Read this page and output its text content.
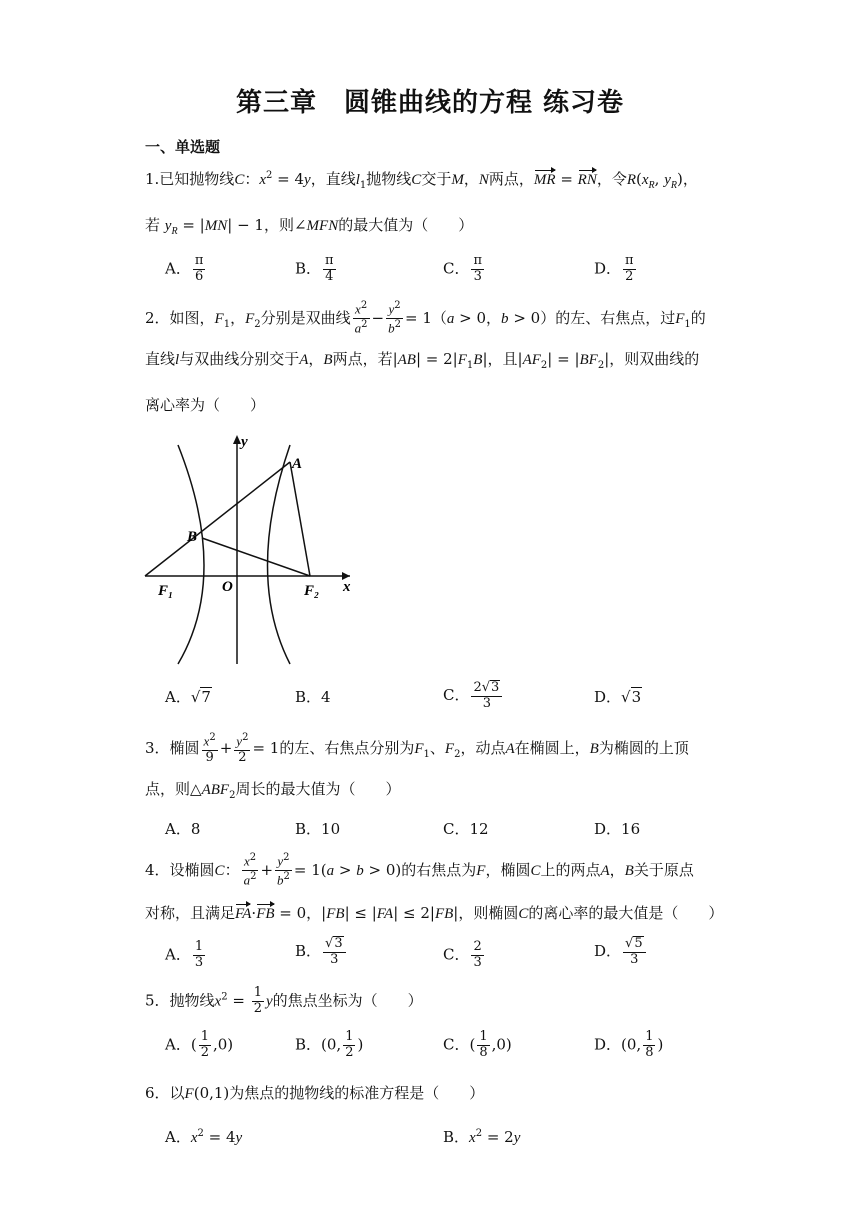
第三章　圆锥曲线的方程 练习卷
一、单选题
1.已知抛物线C：$x^2 = 4y$，直线$l_1$抛物线C交于M，N两点，MR = RN，令$R(x_R$, $y_R$)，
若 $y_R = |MN| - 1$，则∠MFN的最大值为（　　）
A． $\frac{\pi}{6}$	B． $\frac{\pi}{4}$	C． $\frac{\pi}{3}$	D． $\frac{\pi}{2}$
2．如图，$F_1$，$F_2$分别是双曲线 $\frac{x^2}{a^2} - \frac{y^2}{b^2} = 1(a > 0$，b > 0）的左、右焦点，过$F_1$的
直线l与双曲线分别交于A，B两点，若$|AB| = 2|F_1B|$，且$|AF_2| = |BF_2|$，则双曲线的
离心率为（　　）
y
A
B
O
F₁	F₂ x
A．√7	B．4	C． $\frac{2√3}{3}$	D．√3
3．椭圆 $\frac{x^2}{9} + \frac{y^2}{2} = 1$的左、右焦点分别为$F_1$、$F_2$，动点A在椭圆上，B为椭圆的上顶
点，则$\triangle ABF_2$周长的最大值为（　　）
A．8	B．10	C．12	D．16
4．设椭圆C： $\frac{x^2}{a^2} + \frac{y^2}{b^2} = 1(a > b > 0)$的右焦点为F，椭圆C上的两点A，B关于原点
对称，且满足FA·FB = 0，|FB| ≤ |FA| ≤ 2|FB|，则椭圆C的离心率的最大值是（　　）
A． $\frac{1}{3}$	B． $\frac{√3}{3}$	C． $\frac{2}{3}$	D． $\frac{√5}{3}$
5．抛物线$x^2 = \frac{1}{2}$ y的焦点坐标为（　　）
A．( $\frac{1}{2} ,0$)	B．(0, $\frac{1}{2}$ )	C．( $\frac{1}{8} ,0$)	D．(0, $\frac{1}{8}$ )
6．以F(0,1)为焦点的抛物线的标准方程是（　　）
A．$x^2 = 4y$	B．$x^2 = 2y$
